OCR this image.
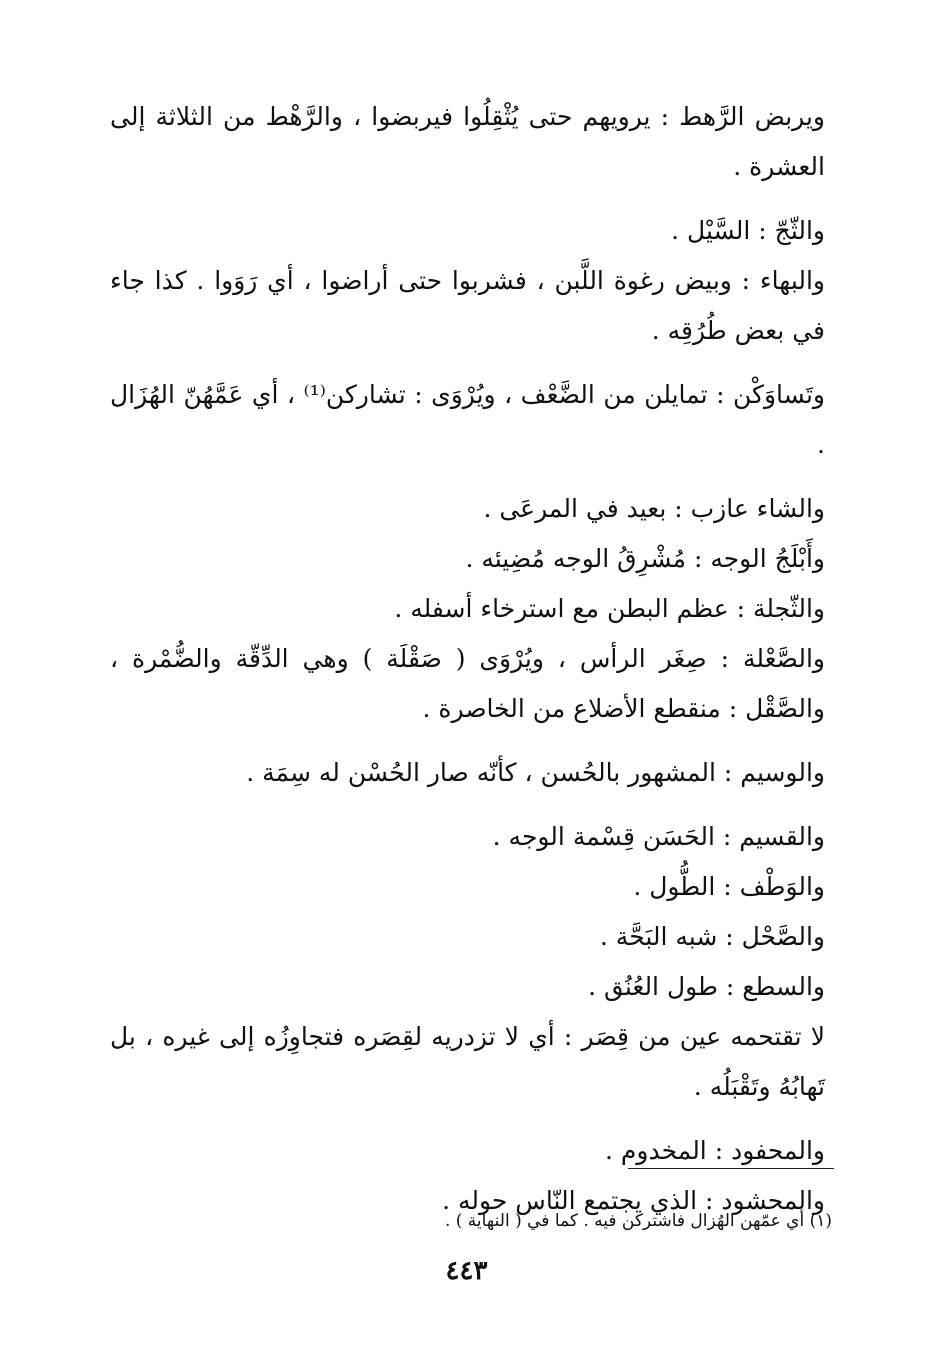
ويربض الرَّهط : يرويهم حتى يُثْقِلُوا فيربضوا ، والرَّهْط من الثلاثة إلى العشرة .

والثّجّ : السَّيْل .

والبهاء : وبيض رغوة اللَّبن ، فشربوا حتى أراضوا ، أي رَوَوا . كذا جاء في بعض طُرُقِه .

وتَساوَكْن : تمايلن من الضَّعْف ، ويُرْوَى : تشاركن⁽¹⁾ ، أي عَمَّهُنّ الهُزَال .

والشاء عازب : بعيد في المرعَى .

وأَبْلَجُ الوجه : مُشْرِقُ الوجه مُضِيئه .

والثّجلة : عظم البطن مع استرخاء أسفله .

والصَّعْلة : صِغَر الرأس ، ويُرْوَى ( صَقْلَة ) وهي الدِّقّة والضُّمْرة ، والصَّقْل : منقطع الأضلاع من الخاصرة .

والوسيم : المشهور بالحُسن ، كأنّه صار الحُسْن له سِمَة .

والقسيم : الحَسَن قِسْمة الوجه .

والوَطْف : الطُّول .

والصَّحْل : شبه البَحَّة .

والسطع : طول العُنُق .

لا تقتحمه عين من قِصَر : أي لا تزدريه لقِصَره فتجاوِزُه إلى غيره ، بل تَهابُهُ وتَقْبَلُه .

والمحفود : المخدوم .

والمحشود : الذي يجتمع النّاس حوله .

(١) أي عمّهن الهُزال فاشتركن فيه . كما في ( النهاية ) .

٤٤٣
